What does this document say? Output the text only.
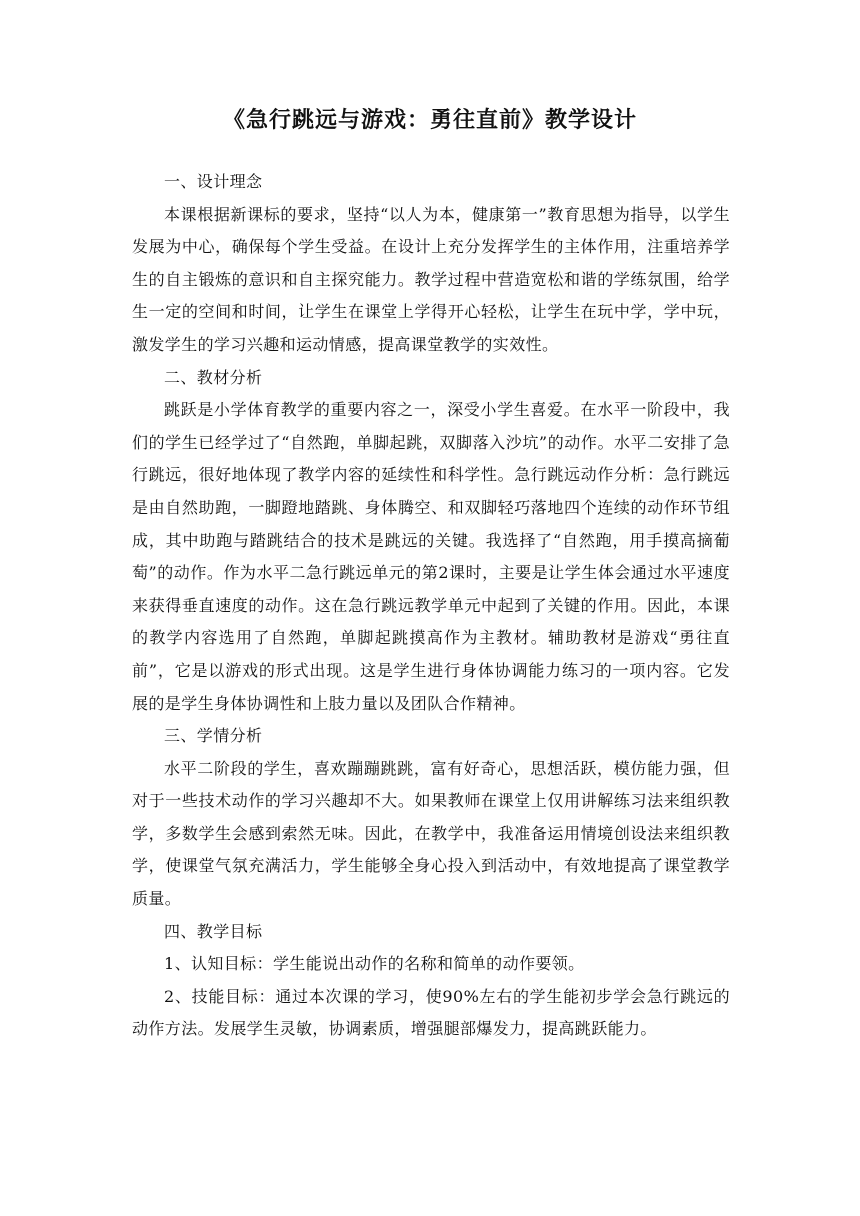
《急行跳远与游戏：勇往直前》教学设计

一、设计理念

本课根据新课标的要求，坚持“以人为本，健康第一”教育思想为指导，以学生发展为中心，确保每个学生受益。在设计上充分发挥学生的主体作用，注重培养学生的自主锻炼的意识和自主探究能力。教学过程中营造宽松和谐的学练氛围，给学生一定的空间和时间，让学生在课堂上学得开心轻松，让学生在玩中学，学中玩，激发学生的学习兴趣和运动情感，提高课堂教学的实效性。

二、教材分析

跳跃是小学体育教学的重要内容之一，深受小学生喜爱。在水平一阶段中，我们的学生已经学过了“自然跑，单脚起跳，双脚落入沙坑”的动作。水平二安排了急行跳远，很好地体现了教学内容的延续性和科学性。急行跳远动作分析：急行跳远是由自然助跑，一脚蹬地踏跳、身体腾空、和双脚轻巧落地四个连续的动作环节组成，其中助跑与踏跳结合的技术是跳远的关键。我选择了“自然跑，用手摸高摘葡萄”的动作。作为水平二急行跳远单元的第2课时，主要是让学生体会通过水平速度来获得垂直速度的动作。这在急行跳远教学单元中起到了关键的作用。因此，本课的教学内容选用了自然跑，单脚起跳摸高作为主教材。辅助教材是游戏“勇往直前”，它是以游戏的形式出现。这是学生进行身体协调能力练习的一项内容。它发展的是学生身体协调性和上肢力量以及团队合作精神。

三、学情分析

水平二阶段的学生，喜欢蹦蹦跳跳，富有好奇心，思想活跃，模仿能力强，但对于一些技术动作的学习兴趣却不大。如果教师在课堂上仅用讲解练习法来组织教学，多数学生会感到索然无味。因此，在教学中，我准备运用情境创设法来组织教学，使课堂气氛充满活力，学生能够全身心投入到活动中，有效地提高了课堂教学质量。

四、教学目标

1、认知目标：学生能说出动作的名称和简单的动作要领。

2、技能目标：通过本次课的学习，使90%左右的学生能初步学会急行跳远的动作方法。发展学生灵敏，协调素质，增强腿部爆发力，提高跳跃能力。
